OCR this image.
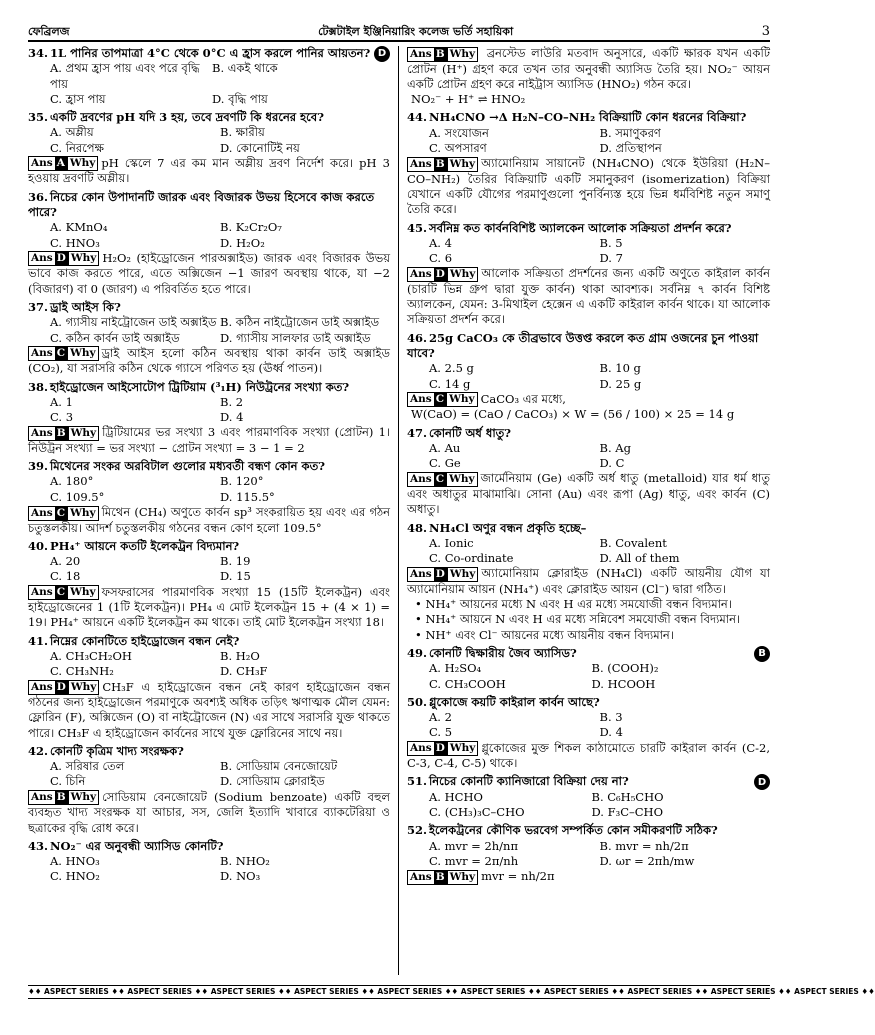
ফেব্রিলজ	টেক্সটাইল ইঞ্জিনিয়ারিং কলেজ ভর্তি সহায়িকা	3
D
34. 1L পানির তাপমাত্রা 4°C থেকে 0°C এ হ্রাস করলে পানির আয়তন?
A. প্রথম হ্রাস পায় এবং পরে বৃদ্ধি পায়
B. একই থাকে
C. হ্রাস পায়	D. বৃদ্ধি পায়
35. একটি দ্রবণের pH যদি 3 হয়, তবে দ্রবণটি কি ধরনের হবে?
A. অম্লীয়	B. ক্ষারীয়
C. নিরপেক্ষ	D. কোনোটিই নয়
Ans A Why pH স্কেলে 7 এর কম মান অম্লীয় দ্রবণ নির্দেশ করে। pH 3 হওয়ায় দ্রবণটি অম্লীয়।
36. নিচের কোন উপাদানটি জারক এবং বিজারক উভয় হিসেবে কাজ করতে পারে?
A. KMnO₄	B. K₂Cr₂O₇
C. HNO₃	D. H₂O₂
Ans D Why H₂O₂ (হাইড্রোজেন পারঅক্সাইড) জারক এবং বিজারক উভয় ভাবে কাজ করতে পারে, এতে অক্সিজেন −1 জারণ অবস্থায় থাকে, যা −2 (বিজারণ) বা 0 (জারণ) এ পরিবর্তিত হতে পারে।
37. ড্রাই আইস কি?
A. গ্যাসীয় নাইট্রোজেন ডাই অক্সাইড B. কঠিন নাইট্রোজেন ডাই অক্সাইড
C. কঠিন কার্বন ডাই অক্সাইড	D. গ্যাসীয় সালফার ডাই অক্সাইড
Ans C Why ড্রাই আইস হলো কঠিন অবস্থায় থাকা কার্বন ডাই অক্সাইড (CO₂), যা সরাসরি কঠিন থেকে গ্যাসে পরিণত হয় (ঊর্ধ্ব পাতন)।
38. হাইড্রোজেন আইসোটোপ ট্রিটিয়াম (³₁H) নিউট্রনের সংখ্যা কত?
A. 1	B. 2
C. 3	D. 4
Ans B Why ট্রিটিয়ামের ভর সংখ্যা 3 এবং পারমাণবিক সংখ্যা (প্রোটন) 1। নিউট্রন সংখ্যা = ভর সংখ্যা − প্রোটন সংখ্যা = 3 − 1 = 2
39. মিথেনের সংকর অরবিটাল গুলোর মধ্যবর্তী বন্ধণ কোন কত?
A. 180°	B. 120°
C. 109.5°	D. 115.5°
Ans C Why মিথেন (CH₄) অণুতে কার্বন sp³ সংকরায়িত হয় এবং এর গঠন চতুস্তলকীয়। আদর্শ চতুস্তলকীয় গঠনের বন্ধন কোণ হলো 109.5°
40. PH₄⁺ আয়নে কতটি ইলেকট্রন বিদ্যমান?
A. 20	B. 19
C. 18	D. 15
Ans C Why ফসফরাসের পারমাণবিক সংখ্যা 15 (15টি ইলেকট্রন) এবং হাইড্রোজেনের 1 (1টি ইলেকট্রন)। PH₄ এ মোট ইলেকট্রন 15 + (4 × 1) = 19। PH₄⁺ আয়নে একটি ইলেকট্রন কম থাকে। তাই মোট ইলেকট্রন সংখ্যা 18।
41. নিম্নের কোনটিতে হাইড্রোজেন বন্ধন নেই?
A. CH₃CH₂OH	B. H₂O
C. CH₃NH₂	D. CH₃F
Ans D Why CH₃F এ হাইড্রোজেন বন্ধন নেই কারণ হাইড্রোজেন বন্ধন গঠনের জন্য হাইড্রোজেন পরমাণুকে অবশ্যই অধিক তড়িৎ ঋণাত্মক মৌল যেমন: ফ্লোরিন (F), অক্সিজেন (O) বা নাইট্রোজেন (N) এর সাথে সরাসরি যুক্ত থাকতে পারে। CH₃F এ হাইড্রোজেন কার্বনের সাথে যুক্ত ফ্লোরিনের সাথে নয়।
42. কোনটি কৃত্রিম খাদ্য সংরক্ষক?
A. সরিষার তেল	B. সোডিয়াম বেনজোয়েট
C. চিনি	D. সোডিয়াম ক্লোরাইড
Ans B Why সোডিয়াম বেনজোয়েট (Sodium benzoate) একটি বহুল ব্যবহৃত খাদ্য সংরক্ষক যা আচার, সস, জেলি ইত্যাদি খাবারে ব্যাকটেরিয়া ও ছত্রাকের বৃদ্ধি রোধ করে।
43. NO₂⁻ এর অনুবন্ধী অ্যাসিড কোনটি?
A. HNO₃	B. NHO₂
C. HNO₂	D. NO₃
Ans B Why ব্রনস্টেড লাউরি মতবাদ অনুসারে, একটি ক্ষারক যখন একটি প্রোটন (H⁺) গ্রহণ করে তখন তার অনুবন্ধী অ্যাসিড তৈরি হয়। NO₂⁻ আয়ন একটি প্রোটন গ্রহণ করে নাইট্রাস অ্যাসিড (HNO₂) গঠন করে।
NO₂⁻ + H⁺ ⇌ HNO₂
44. NH₄CNO →Δ H₂N–CO–NH₂ বিক্রিয়াটি কোন ধরনের বিক্রিয়া?
A. সংযোজন	B. সমাণুকরণ
C. অপসারণ	D. প্রতিস্থাপন
Ans B Why অ্যামোনিয়াম সায়ানেট (NH₄CNO) থেকে ইউরিয়া (H₂N–CO–NH₂) তৈরির বিক্রিয়াটি একটি সমানুকরণ (isomerization) বিক্রিয়া যেখানে একটি যৌগের পরমাণুগুলো পুনর্বিন্যস্ত হয়ে ভিন্ন ধর্মবিশিষ্ট নতুন সমাণু তৈরি করে।
45. সর্বনিম্ন কত কার্বনবিশিষ্ট অ্যালকেন আলোক সক্রিয়তা প্রদর্শন করে?
A. 4	B. 5
C. 6	D. 7
Ans D Why আলোক সক্রিয়তা প্রদর্শনের জন্য একটি অণুতে কাইরাল কার্বন (চারটি ভিন্ন গ্রুপ দ্বারা যুক্ত কার্বন) থাকা আবশ্যক। সর্বনিম্ন ৭ কার্বন বিশিষ্ট অ্যালকেন, যেমন: 3-মিথাইল হেক্সেন এ একটি কাইরাল কার্বন থাকে। যা আলোক সক্রিয়তা প্রদর্শন করে।
46. 25g CaCO₃ কে তীব্রভাবে উত্তপ্ত করলে কত গ্রাম ওজনের চুন পাওয়া যাবে?
A. 2.5 g	B. 10 g
C. 14 g	D. 25 g
Ans C Why CaCO₃ এর মধ্যে,
W(CaO) = (CaO / CaCO₃) × W = (56 / 100) × 25 = 14 g
47. কোনটি অর্ধ ধাতু?
A. Au	B. Ag
C. Ge	D. C
Ans C Why জার্মেনিয়াম (Ge) একটি অর্ধ ধাতু (metalloid) যার ধর্ম ধাতু এবং অধাতুর মাঝামাঝি। সোনা (Au) এবং রূপা (Ag) ধাতু, এবং কার্বন (C) অধাতু।
48. NH₄Cl অণুর বন্ধন প্রকৃতি হচ্ছে–
A. Ionic	B. Covalent
C. Co-ordinate	D. All of them
Ans D Why অ্যামোনিয়াম ক্লোরাইড (NH₄Cl) একটি আয়নীয় যৌগ যা অ্যামোনিয়াম আয়ন (NH₄⁺) এবং ক্লোরাইড আয়ন (Cl⁻) দ্বারা গঠিত।
• NH₄⁺ আয়নের মধ্যে N এবং H এর মধ্যে সমযোজী বন্ধন বিদ্যমান।
• NH₄⁺ আয়নে N এবং H এর মধ্যে সন্নিবেশ সমযোজী বন্ধন বিদ্যমান।
• NH⁺ এবং Cl⁻ আয়নের মধ্যে আয়নীয় বন্ধন বিদ্যমান।
B
49. কোনটি দ্বিক্ষারীয় জৈব অ্যাসিড?
A. H₂SO₄	B. (COOH)₂
C. CH₃COOH	D. HCOOH
50. গ্লুকোজে কয়টি কাইরাল কার্বন আছে?
A. 2	B. 3
C. 5	D. 4
Ans D Why গ্লুকোজের মুক্ত শিকল কাঠামোতে চারটি কাইরাল কার্বন (C-2, C-3, C-4, C-5) থাকে।
D
51. নিচের কোনটি ক্যানিজারো বিক্রিয়া দেয় না?
A. HCHO	B. C₆H₅CHO
C. (CH₃)₃C–CHO	D. F₃C–CHO
52. ইলেকট্রনের কৌণিক ভরবেগ সম্পর্কিত কোন সমীকরণটি সঠিক?
A. mvr = 2h/nπ	B. mvr = nh/2π
C. mvr = 2π/nh	D. ωr = 2πh/mw
Ans B Why mvr = nh/2π
♦♦ ASPECT SERIES ♦♦ ASPECT SERIES ♦♦ ASPECT SERIES ♦♦ ASPECT SERIES ♦♦ ASPECT SERIES ♦♦ ASPECT SERIES ♦♦ ASPECT SERIES ♦♦ ASPECT SERIES ♦♦ ASPECT SERIES ♦♦ ASPECT SERIES ♦♦
